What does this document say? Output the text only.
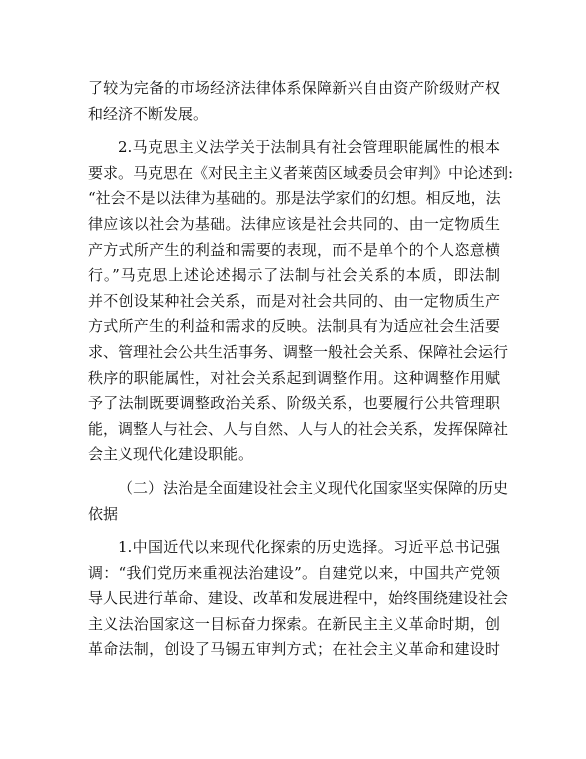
了较为完备的市场经济法律体系保障新兴自由资产阶级财产权
和经济不断发展。
2.马克思主义法学关于法制具有社会管理职能属性的根本
要求。马克思在《对民主主义者莱茵区域委员会审判》中论述到:
“社会不是以法律为基础的。那是法学家们的幻想。相反地，法
律应该以社会为基础。法律应该是社会共同的、由一定物质生
产方式所产生的利益和需要的表现，而不是单个的个人恣意横
行。”马克思上述论述揭示了法制与社会关系的本质，即法制
并不创设某种社会关系，而是对社会共同的、由一定物质生产
方式所产生的利益和需求的反映。法制具有为适应社会生活要
求、管理社会公共生活事务、调整一般社会关系、保障社会运行
秩序的职能属性，对社会关系起到调整作用。这种调整作用赋
予了法制既要调整政治关系、阶级关系，也要履行公共管理职
能，调整人与社会、人与自然、人与人的社会关系，发挥保障社
会主义现代化建设职能。
（二）法治是全面建设社会主义现代化国家坚实保障的历史
依据
1.中国近代以来现代化探索的历史选择。习近平总书记强
调：“我们党历来重视法治建设”。自建党以来，中国共产党领
导人民进行革命、建设、改革和发展进程中，始终围绕建设社会
主义法治国家这一目标奋力探索。在新民主主义革命时期，创
革命法制，创设了马锡五审判方式；在社会主义革命和建设时
